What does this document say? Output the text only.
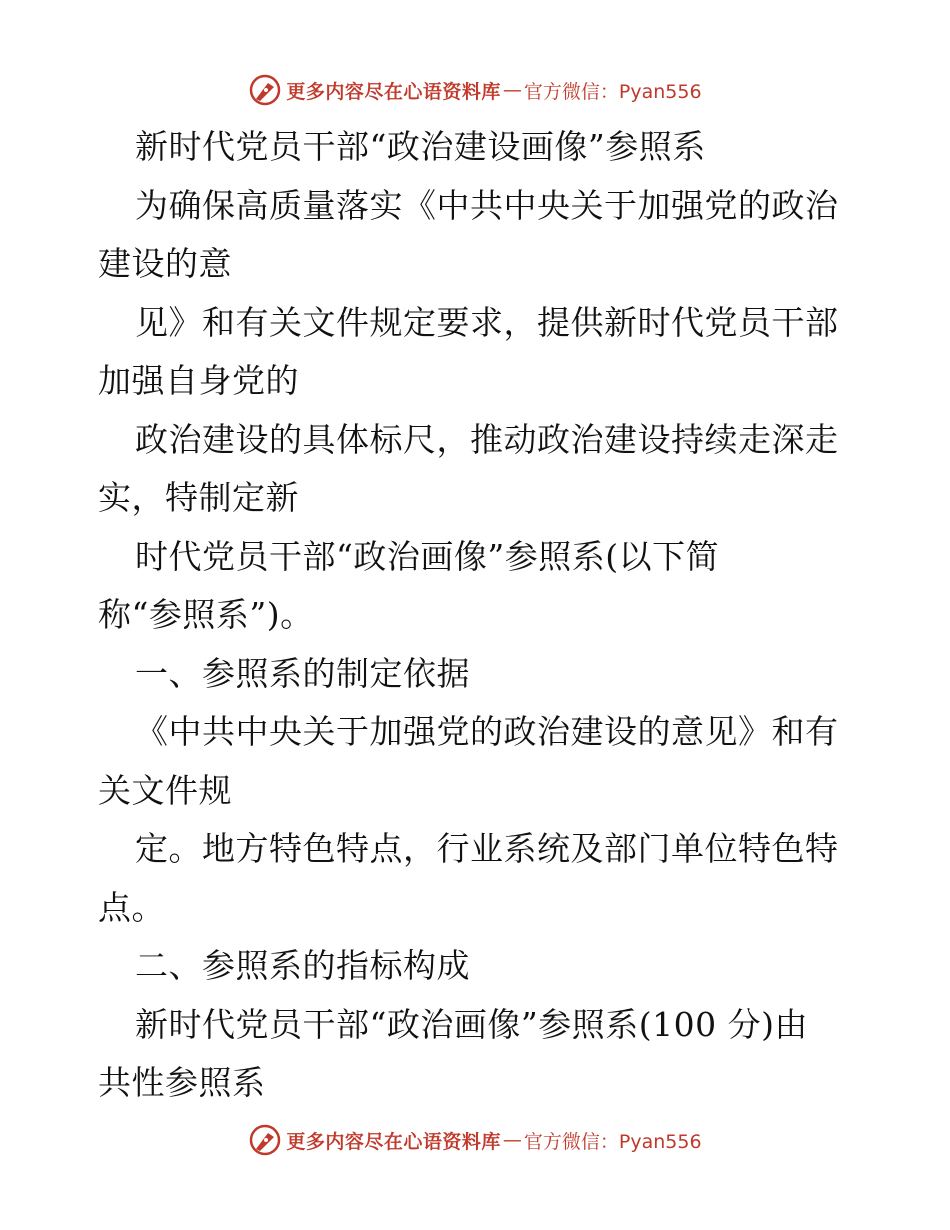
更多内容尽在心语资料库 — 官方微信：Pyan556
新时代党员干部“政治建设画像”参照系
为确保高质量落实《中共中央关于加强党的政治
建设的意
见》和有关文件规定要求，提供新时代党员干部
加强自身党的
政治建设的具体标尺，推动政治建设持续走深走
实，特制定新
时代党员干部“政治画像”参照系(以下简
称“参照系”)。
一、参照系的制定依据
《中共中央关于加强党的政治建设的意见》和有
关文件规
定。地方特色特点，行业系统及部门单位特色特
点。
二、参照系的指标构成
新时代党员干部“政治画像”参照系(100 分)由
共性参照系
更多内容尽在心语资料库 — 官方微信：Pyan556
